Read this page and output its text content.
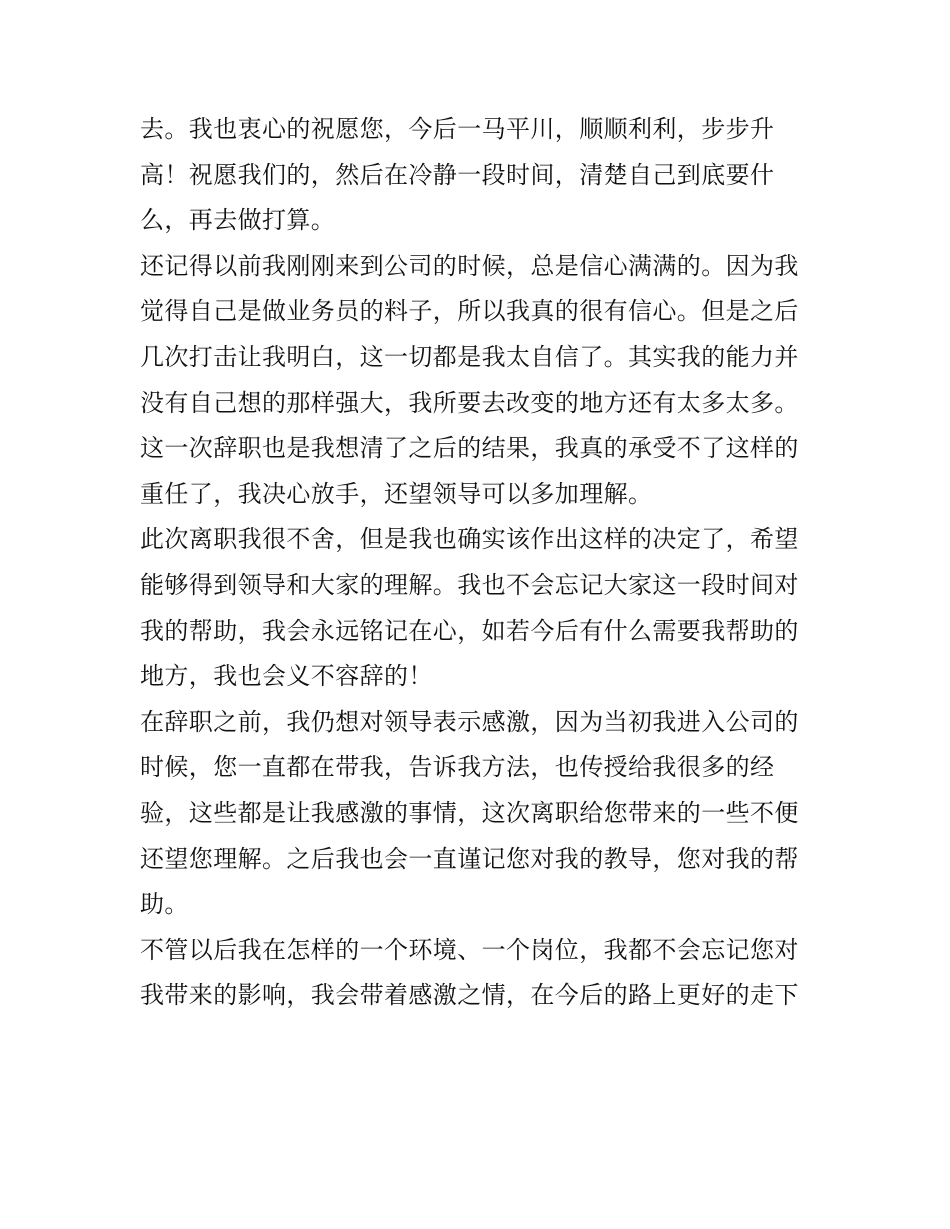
去。我也衷心的祝愿您，今后一马平川，顺顺利利，步步升
高！祝愿我们的，然后在冷静一段时间，清楚自己到底要什
么，再去做打算。
还记得以前我刚刚来到公司的时候，总是信心满满的。因为我
觉得自己是做业务员的料子，所以我真的很有信心。但是之后
几次打击让我明白，这一切都是我太自信了。其实我的能力并
没有自己想的那样强大，我所要去改变的地方还有太多太多。
这一次辞职也是我想清了之后的结果，我真的承受不了这样的
重任了，我决心放手，还望领导可以多加理解。
此次离职我很不舍，但是我也确实该作出这样的决定了，希望
能够得到领导和大家的理解。我也不会忘记大家这一段时间对
我的帮助，我会永远铭记在心，如若今后有什么需要我帮助的
地方，我也会义不容辞的！
在辞职之前，我仍想对领导表示感激，因为当初我进入公司的
时候，您一直都在带我，告诉我方法，也传授给我很多的经
验，这些都是让我感激的事情，这次离职给您带来的一些不便
还望您理解。之后我也会一直谨记您对我的教导，您对我的帮
助。
不管以后我在怎样的一个环境、一个岗位，我都不会忘记您对
我带来的影响，我会带着感激之情，在今后的路上更好的走下
